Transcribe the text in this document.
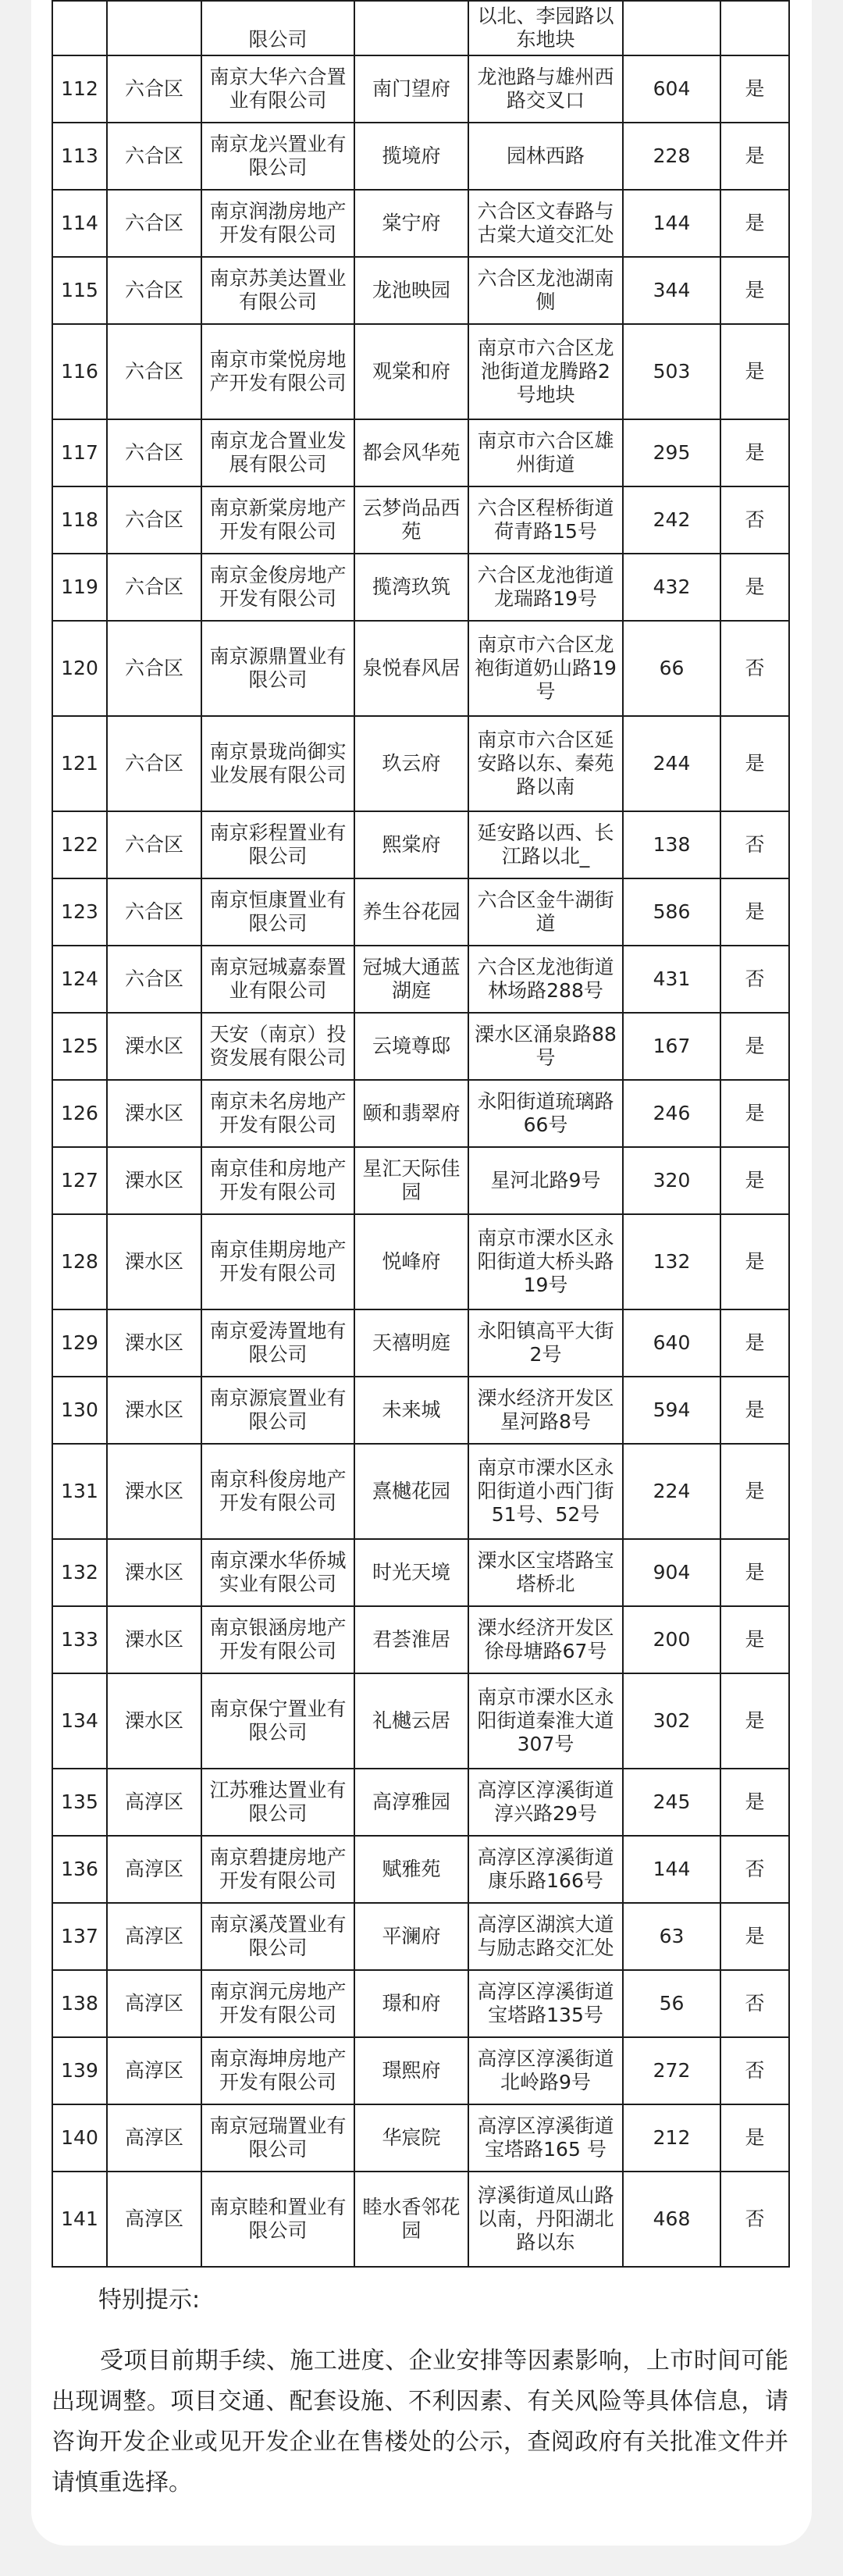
		限公司		以北、李园路以
东地块		
112	六合区	南京大华六合置业有限公司	南门望府	龙池路与雄州西路交叉口	604	是
113	六合区	南京龙兴置业有限公司	揽境府	园林西路	228	是
114	六合区	南京润渤房地产开发有限公司	棠宁府	六合区文春路与古棠大道交汇处	144	是
115	六合区	南京苏美达置业有限公司	龙池映园	六合区龙池湖南侧	344	是
116	六合区	南京市棠悦房地产开发有限公司	观棠和府	南京市六合区龙池街道龙腾路2号地块	503	是
117	六合区	南京龙合置业发展有限公司	都会风华苑	南京市六合区雄州街道	295	是
118	六合区	南京新棠房地产开发有限公司	云梦尚品西苑	六合区程桥街道荷青路15号	242	否
119	六合区	南京金俊房地产开发有限公司	揽湾玖筑	六合区龙池街道龙瑞路19号	432	是
120	六合区	南京源鼎置业有限公司	泉悦春风居	南京市六合区龙袍街道奶山路19号	66	否
121	六合区	南京景珑尚御实业发展有限公司	玖云府	南京市六合区延安路以东、秦苑路以南	244	是
122	六合区	南京彩程置业有限公司	熙棠府	延安路以西、长江路以北_	138	否
123	六合区	南京恒康置业有限公司	养生谷花园	六合区金牛湖街道	586	是
124	六合区	南京冠城嘉泰置业有限公司	冠城大通蓝湖庭	六合区龙池街道林场路288号	431	否
125	溧水区	天安（南京）投资发展有限公司	云境尊邸	溧水区涌泉路88号	167	是
126	溧水区	南京未名房地产开发有限公司	颐和翡翠府	永阳街道琉璃路66号	246	是
127	溧水区	南京佳和房地产开发有限公司	星汇天际佳园	星河北路9号	320	是
128	溧水区	南京佳期房地产开发有限公司	悦峰府	南京市溧水区永阳街道大桥头路19号	132	是
129	溧水区	南京爱涛置地有限公司	天禧明庭	永阳镇高平大街2号	640	是
130	溧水区	南京源宸置业有限公司	未来城	溧水经济开发区星河路8号	594	是
131	溧水区	南京科俊房地产开发有限公司	熹樾花园	南京市溧水区永阳街道小西门街51号、52号	224	是
132	溧水区	南京溧水华侨城实业有限公司	时光天境	溧水区宝塔路宝塔桥北	904	是
133	溧水区	南京银涵房地产开发有限公司	君荟淮居	溧水经济开发区徐母塘路67号	200	是
134	溧水区	南京保宁置业有限公司	礼樾云居	南京市溧水区永阳街道秦淮大道307号	302	是
135	高淳区	江苏雅达置业有限公司	高淳雅园	高淳区淳溪街道淳兴路29号	245	是
136	高淳区	南京碧捷房地产开发有限公司	赋雅苑	高淳区淳溪街道康乐路166号	144	否
137	高淳区	南京溪茂置业有限公司	平澜府	高淳区湖滨大道与励志路交汇处	63	是
138	高淳区	南京润元房地产开发有限公司	璟和府	高淳区淳溪街道宝塔路135号	56	否
139	高淳区	南京海坤房地产开发有限公司	璟熙府	高淳区淳溪街道北岭路9号	272	否
140	高淳区	南京冠瑞置业有限公司	华宸院	高淳区淳溪街道宝塔路165 号	212	是
141	高淳区	南京睦和置业有限公司	睦水香邻花园	淳溪街道凤山路以南，丹阳湖北路以东	468	否
特别提示:
受项目前期手续、施工进度、企业安排等因素影响，上市时间可能出现调整。项目交通、配套设施、不利因素、有关风险等具体信息，请咨询开发企业或见开发企业在售楼处的公示，查阅政府有关批准文件并请慎重选择。
